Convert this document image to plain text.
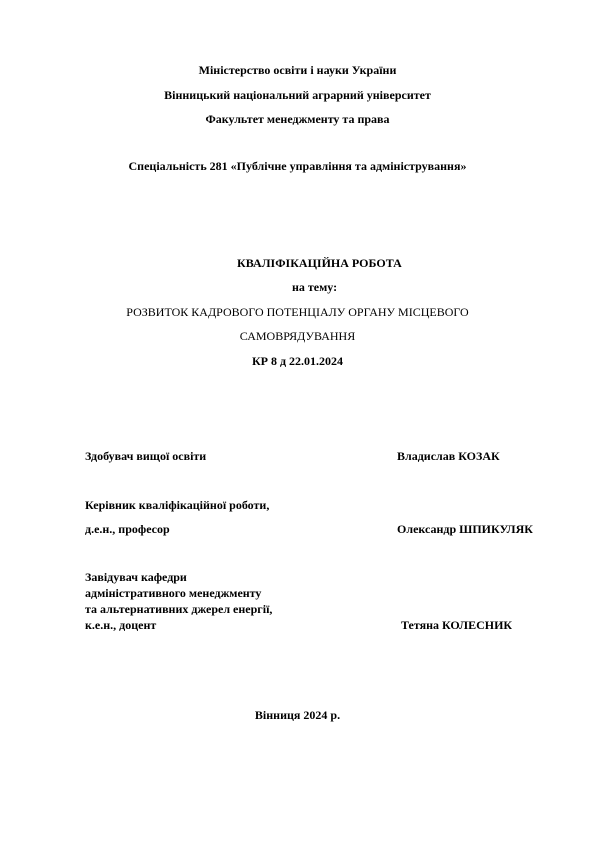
Міністерство освіти і науки України
Вінницький національний аграрний університет
Факультет менеджменту та права
Спеціальність 281 «Публічне управління та адміністрування»
КВАЛІФІКАЦІЙНА РОБОТА
на тему:
РОЗВИТОК КАДРОВОГО ПОТЕНЦІАЛУ ОРГАНУ МІСЦЕВОГО
САМОВРЯДУВАННЯ
КР 8 д 22.01.2024
Здобувач вищої освіти	Владислав КОЗАК
Керівник кваліфікаційної роботи,
д.е.н., професор	Олександр ШПИКУЛЯК
Завідувач кафедри
адміністративного менеджменту
та альтернативних джерел енергії,
к.е.н., доцент	Тетяна КОЛЕСНИК
Вінниця 2024 р.
